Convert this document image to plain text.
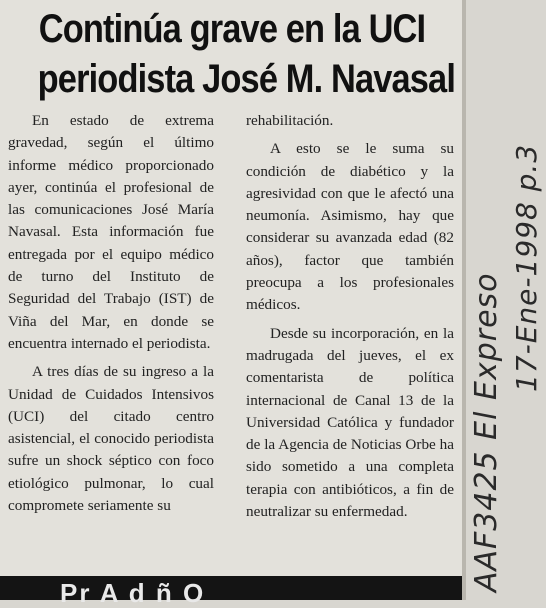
Continúa grave en la UCI
periodista José M. Navasal

En estado de extrema gravedad, según el último informe médico proporcionado ayer, continúa el profesional de las comunicaciones José María Navasal. Esta información fue entregada por el equipo médico de turno del Instituto de Seguridad del Trabajo (IST) de Viña del Mar, en donde se encuentra internado el periodista.

A tres días de su ingreso a la Unidad de Cuidados Intensivos (UCI) del citado centro asistencial, el conocido periodista sufre un shock séptico con foco etiológico pulmonar, lo cual compromete seriamente su

rehabilitación.

A esto se le suma su condición de diabético y la agresividad con que le afectó una neumonía. Asimismo, hay que considerar su avanzada edad (82 años), factor que también preocupa a los profesionales médicos.

Desde su incorporación, en la madrugada del jueves, el ex comentarista de política internacional de Canal 13 de la Universidad Católica y fundador de la Agencia de Noticias Orbe ha sido sometido a una completa terapia con antibióticos, a fin de neutralizar su enfermedad.

Pr A d ñ O
AAF3425 El Expreso
17-Ene-1998 p.3
